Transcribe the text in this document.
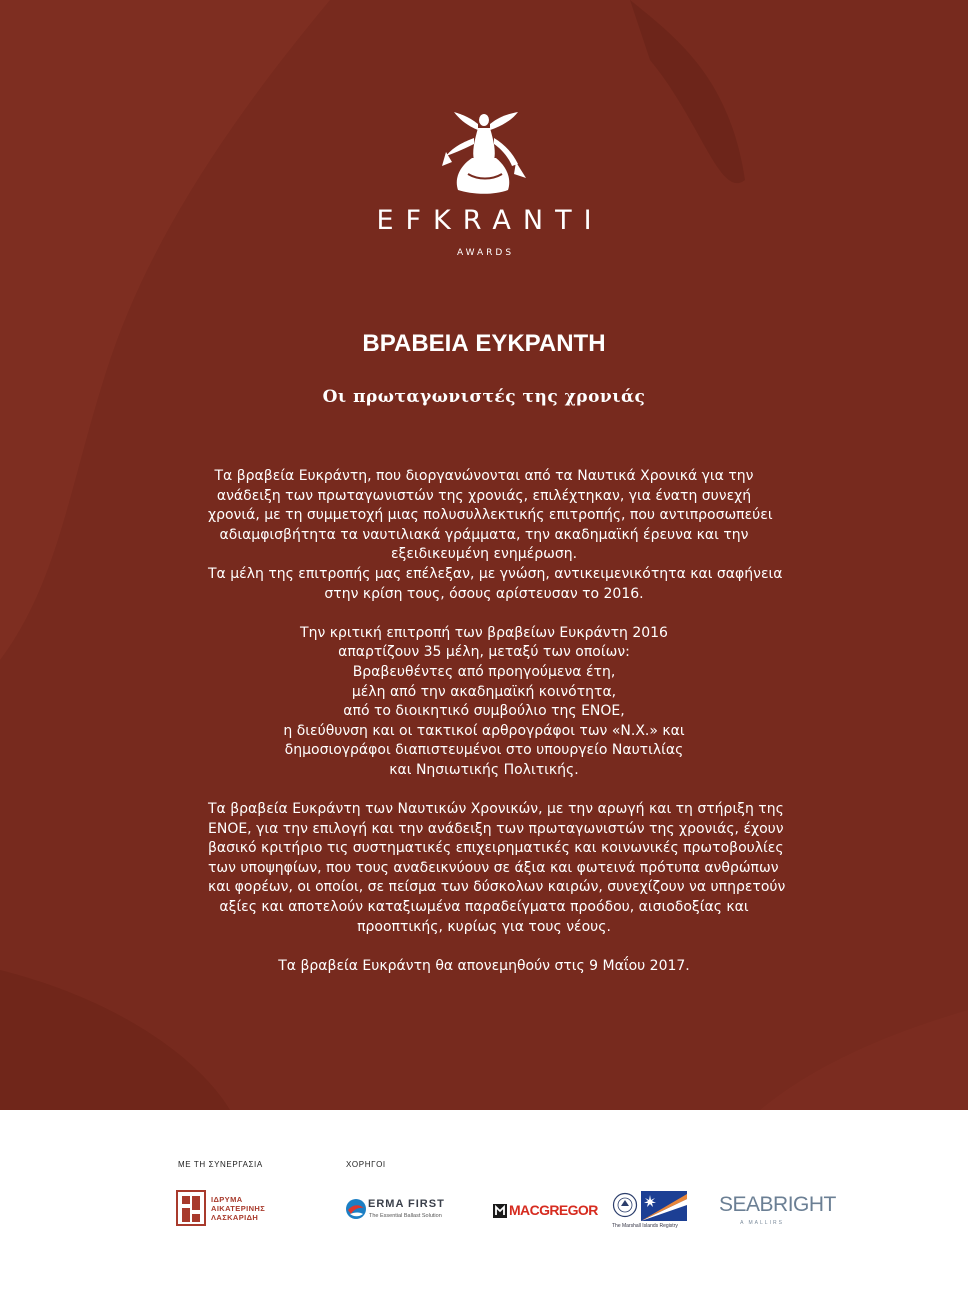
EFKRANTI
AWARDS
ΒΡΑΒΕΙΑ ΕΥΚΡΑΝΤΗ
Οι πρωταγωνιστές της χρονιάς
Τα βραβεία Ευκράντη, που διοργανώνονται από τα Ναυτικά Χρονικά για την
ανάδειξη των πρωταγωνιστών της χρονιάς, επιλέχτηκαν, για ένατη συνεχή
χρονιά, με τη συμμετοχή μιας πολυσυλλεκτικής επιτροπής, που αντιπροσωπεύει
αδιαμφισβήτητα τα ναυτιλιακά γράμματα, την ακαδημαϊκή έρευνα και την
εξειδικευμένη ενημέρωση.
Τα μέλη της επιτροπής μας επέλεξαν, με γνώση, αντικειμενικότητα και σαφήνεια
στην κρίση τους, όσους αρίστευσαν το 2016.
Την κριτική επιτροπή των βραβείων Ευκράντη 2016
απαρτίζουν 35 μέλη, μεταξύ των οποίων:
Βραβευθέντες από προηγούμενα έτη,
μέλη από την ακαδημαϊκή κοινότητα,
από το διοικητικό συμβούλιο της ΕΝΟΕ,
η διεύθυνση και οι τακτικοί αρθρογράφοι των «Ν.Χ.» και
δημοσιογράφοι διαπιστευμένοι στο υπουργείο Ναυτιλίας
και Νησιωτικής Πολιτικής.
Τα βραβεία Ευκράντη των Ναυτικών Χρονικών, με την αρωγή και τη στήριξη της
ΕΝΟΕ, για την επιλογή και την ανάδειξη των πρωταγωνιστών της χρονιάς, έχουν
βασικό κριτήριο τις συστηματικές επιχειρηματικές και κοινωνικές πρωτοβουλίες
των υποψηφίων, που τους αναδεικνύουν σε άξια και φωτεινά πρότυπα ανθρώπων
και φορέων, οι οποίοι, σε πείσμα των δύσκολων καιρών, συνεχίζουν να υπηρετούν
αξίες και αποτελούν καταξιωμένα παραδείγματα προόδου, αισιοδοξίας και
προοπτικής, κυρίως για τους νέους.
Τα βραβεία Ευκράντη θα απονεμηθούν στις 9 Μαΐου 2017.
ΜΕ ΤΗ ΣΥΝΕΡΓΑΣΙΑ	ΧΟΡΗΓΟΙ
ΙΔΡΥΜΑ
ΑΙΚΑΤΕΡΙΝΗΣ
ΛΑΣΚΑΡΙΔΗ
ERMA FIRST
The Essential Ballast Solution	MACGREGOR
The Marshall Islands Registry
SEABRIGHT
A MALLIRS
